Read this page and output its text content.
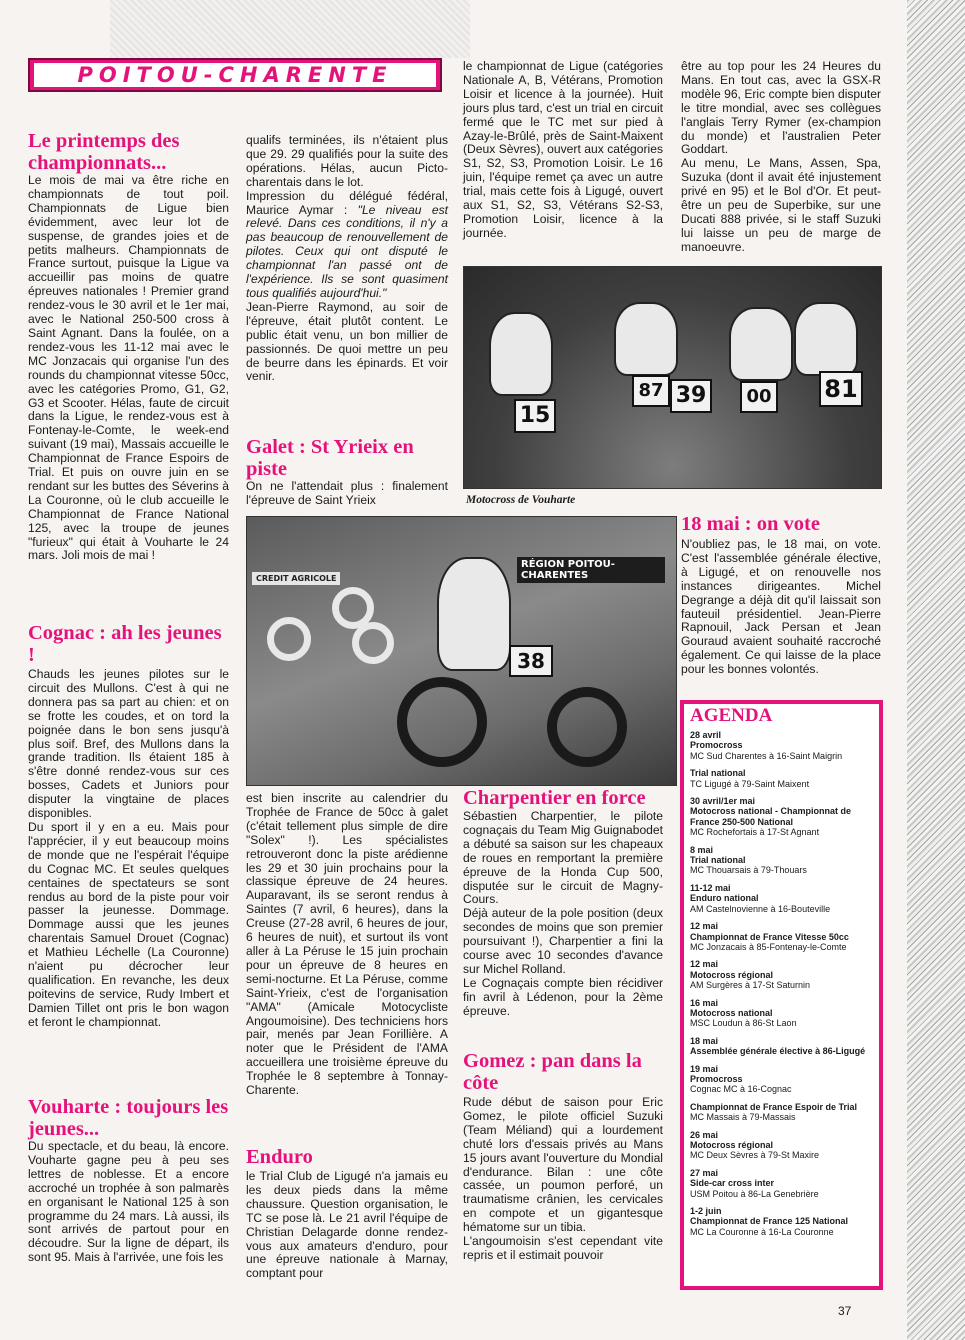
POITOU-CHARENTE
Le printemps des championnats...

Le mois de mai va être riche en championnats de tout poil. Championnats de Ligue bien évidemment, avec leur lot de suspense, de grandes joies et de petits malheurs. Championnats de France surtout, puisque la Ligue va accueillir pas moins de quatre épreuves nationales ! Premier grand rendez-vous le 30 avril et le 1er mai, avec le National 250-500 cross à Saint Agnant. Dans la foulée, on a rendez-vous les 11-12 mai avec le MC Jonzacais qui organise l'un des rounds du championnat vitesse 50cc, avec les catégories Promo, G1, G2, G3 et Scooter. Hélas, faute de circuit dans la Ligue, le rendez-vous est à Fontenay-le-Comte, le week-end suivant (19 mai), Massais accueille le Championnat de France Espoirs de Trial. Et puis on ouvre juin en se rendant sur les buttes des Séverins à La Couronne, où le club accueille le Championnat de France National 125, avec la troupe de jeunes "furieux" qui était à Vouharte le 24 mars. Joli mois de mai !

Cognac : ah les jeunes !

Chauds les jeunes pilotes sur le circuit des Mullons. C'est à qui ne donnera pas sa part au chien: et on se frotte les coudes, et on tord la poignée dans le bon sens jusqu'à plus soif. Bref, des Mullons dans la grande tradition. Ils étaient 185 à s'être donné rendez-vous sur ces bosses, Cadets et Juniors pour disputer la vingtaine de places disponibles.

Du sport il y en a eu. Mais pour l'apprécier, il y eut beaucoup moins de monde que ne l'espérait l'équipe du Cognac MC. Et seules quelques centaines de spectateurs se sont rendus au bord de la piste pour voir passer la jeunesse. Dommage. Dommage aussi que les jeunes charentais Samuel Drouet (Cognac) et Mathieu Léchelle (La Couronne) n'aient pu décrocher leur qualification. En revanche, les deux poitevins de service, Rudy Imbert et Damien Tillet ont pris le bon wagon et feront le championnat.

Vouharte : toujours les jeunes...

Du spectacle, et du beau, là encore. Vouharte gagne peu à peu ses lettres de noblesse. Et a encore accroché un trophée à son palmarès en organisant le National 125 à son programme du 24 mars. Là aussi, ils sont arrivés de partout pour en découdre. Sur la ligne de départ, ils sont 95. Mais à l'arrivée, une fois les

qualifs terminées, ils n'étaient plus que 29. 29 qualifiés pour la suite des opérations. Hélas, aucun Picto-charentais dans le lot.

Impression du délégué fédéral, Maurice Aymar : "Le niveau est relevé. Dans ces conditions, il n'y a pas beaucoup de renouvellement de pilotes. Ceux qui ont disputé le championnat l'an passé ont de l'expérience. Ils se sont quasiment tous qualifiés aujourd'hui."

Jean-Pierre Raymond, au soir de l'épreuve, était plutôt content. Le public était venu, un bon millier de passionnés. De quoi mettre un peu de beurre dans les épinards. Et voir venir.

Galet : St Yrieix en piste

On ne l'attendait plus : finalement l'épreuve de Saint Yrieix

est bien inscrite au calendrier du Trophée de France de 50cc à galet (c'était tellement plus simple de dire "Solex" !). Les spécialistes retrouveront donc la piste arédienne les 29 et 30 juin prochains pour la classique épreuve de 24 heures. Auparavant, ils se seront rendus à Saintes (7 avril, 6 heures), dans la Creuse (27-28 avril, 6 heures de jour, 6 heures de nuit), et surtout ils vont aller à La Péruse le 15 juin prochain pour un épreuve de 8 heures en semi-nocturne. Et La Péruse, comme Saint-Yrieix, c'est de l'organisation "AMA" (Amicale Motocycliste Angoumoisine). Des techniciens hors pair, menés par Jean Forillière. A noter que le Président de l'AMA accueillera une troisième épreuve du Trophée le 8 septembre à Tonnay-Charente.

Enduro

le Trial Club de Ligugé n'a jamais eu les deux pieds dans la même chaussure. Question organisation, le TC se pose là. Le 21 avril l'équipe de Christian Delagarde donne rendez-vous aux amateurs d'enduro, pour une épreuve nationale à Marnay, comptant pour

le championnat de Ligue (catégories Nationale A, B, Vétérans, Promotion Loisir et licence à la journée). Huit jours plus tard, c'est un trial en circuit fermé que le TC met sur pied à Azay-le-Brûlé, près de Saint-Maixent (Deux Sèvres), ouvert aux catégories S1, S2, S3, Promotion Loisir. Le 16 juin, l'équipe remet ça avec un autre trial, mais cette fois à Ligugé, ouvert aux S1, S2, S3, Vétérans S2-S3, Promotion Loisir, licence à la journée.

15
39
87	00 81
Motocross de Vouharte
Charpentier en force

Sébastien Charpentier, le pilote cognaçais du Team Mig Guignabodet a débuté sa saison sur les chapeaux de roues en remportant la première épreuve de la Honda Cup 500, disputée sur le circuit de Magny-Cours.

Déjà auteur de la pole position (deux secondes de moins que son premier poursuivant !), Charpentier a fini la course avec 10 secondes d'avance sur Michel Rolland.

Le Cognaçais compte bien récidiver fin avril à Lédenon, pour la 2ème épreuve.

Gomez : pan dans la côte

Rude début de saison pour Eric Gomez, le pilote officiel Suzuki (Team Méliand) qui a lourdement chuté lors d'essais privés au Mans 15 jours avant l'ouverture du Mondial d'endurance. Bilan : une côte cassée, un poumon perforé, un traumatisme crânien, les cervicales en compote et un gigantesque hématome sur un tibia.

L'angoumoisin s'est cependant vite repris et il estimait pouvoir

être au top pour les 24 Heures du Mans. En tout cas, avec la GSX-R modèle 96, Eric compte bien disputer le titre mondial, avec ses collègues l'anglais Terry Rymer (ex-champion du monde) et l'australien Peter Goddart.

Au menu, Le Mans, Assen, Spa, Suzuka (dont il avait été injustement privé en 95) et le Bol d'Or. Et peut-être un peu de Superbike, sur une Ducati 888 privée, si le staff Suzuki lui laisse un peu de marge de manoeuvre.

18 mai : on vote

N'oubliez pas, le 18 mai, on vote. C'est l'assemblée générale élective, à Ligugé, et on renouvelle nos instances dirigeantes. Michel Degrange a déjà dit qu'il laissait son fauteuil présidentiel. Jean-Pierre Rapnouil, Jack Persan et Jean Gouraud avaient souhaité raccroché également. Ce qui laisse de la place pour les bonnes volontés.

RÉGION POITOU-CHARENTES
CREDIT AGRICOLE
38
AGENDA
28 avril
Promocross
MC Sud Charentes à 16-Saint Maigrin
Trial national
TC Ligugé à 79-Saint Maixent
30 avril/1er mai
Motocross national - Championnat de France 250-500 National
MC Rochefortais à 17-St Agnant
8 mai
Trial national
MC Thouarsais à 79-Thouars
11-12 mai
Enduro national
AM Castelnovienne à 16-Bouteville
12 mai
Championnat de France Vitesse 50cc
MC Jonzacais à 85-Fontenay-le-Comte
12 mai
Motocross régional
AM Surgères à 17-St Saturnin
16 mai
Motocross national
MSC Loudun à 86-St Laon
18 mai
Assemblée générale élective à 86-Ligugé
19 mai
Promocross
Cognac MC à 16-Cognac
Championnat de France Espoir de Trial
MC Massais à 79-Massais
26 mai
Motocross régional
MC Deux Sèvres à 79-St Maxire
27 mai
Side-car cross inter
USM Poitou à 86-La Genebrière
1-2 juin
Championnat de France 125 National
MC La Couronne à 16-La Couronne
37
